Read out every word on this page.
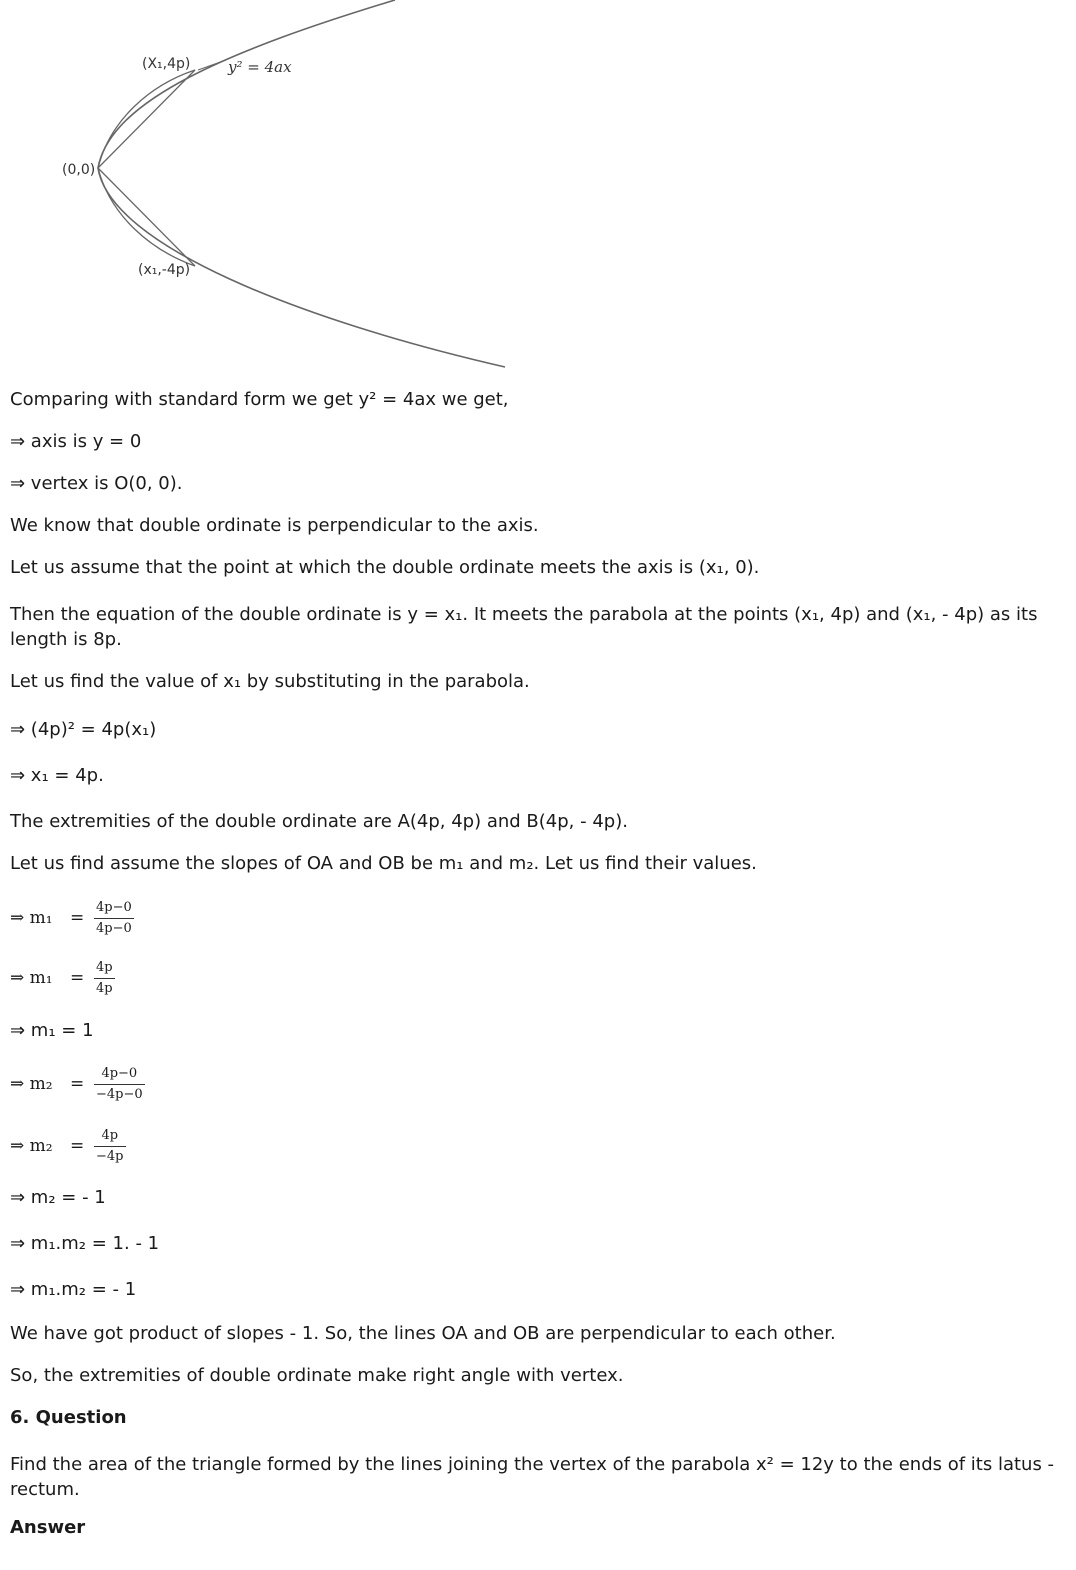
(X₁,4p)
(0,0)
(x₁,-4p)
y² = 4ax
Comparing with standard form we get y² = 4ax we get,
⇒ axis is y = 0
⇒ vertex is O(0, 0).
We know that double ordinate is perpendicular to the axis.
Let us assume that the point at which the double ordinate meets the axis is (x₁, 0).
Then the equation of the double ordinate is y = x₁. It meets the parabola at the points (x₁, 4p) and (x₁, - 4p) as its length is 8p.
Let us find the value of x₁ by substituting in the parabola.
⇒ (4p)² = 4p(x₁)
⇒ x₁ = 4p.
The extremities of the double ordinate are A(4p, 4p) and B(4p, - 4p).
Let us find assume the slopes of OA and OB be m₁ and m₂. Let us find their values.
⇒ $m_1 = \frac{4p-0}{4p-0}$
⇒ $m_1 = \frac{4p}{4p}$
⇒ m₁ = 1
⇒ $m_2 = \frac{4p-0}{-4p-0}$
⇒ $m_2 = \frac{4p}{-4p}$
⇒ m₂ = - 1
⇒ m₁.m₂ = 1. - 1
⇒ m₁.m₂ = - 1
We have got product of slopes - 1. So, the lines OA and OB are perpendicular to each other.
So, the extremities of double ordinate make right angle with vertex.
6. Question
Find the area of the triangle formed by the lines joining the vertex of the parabola x² = 12y to the ends of its latus - rectum.
Answer
